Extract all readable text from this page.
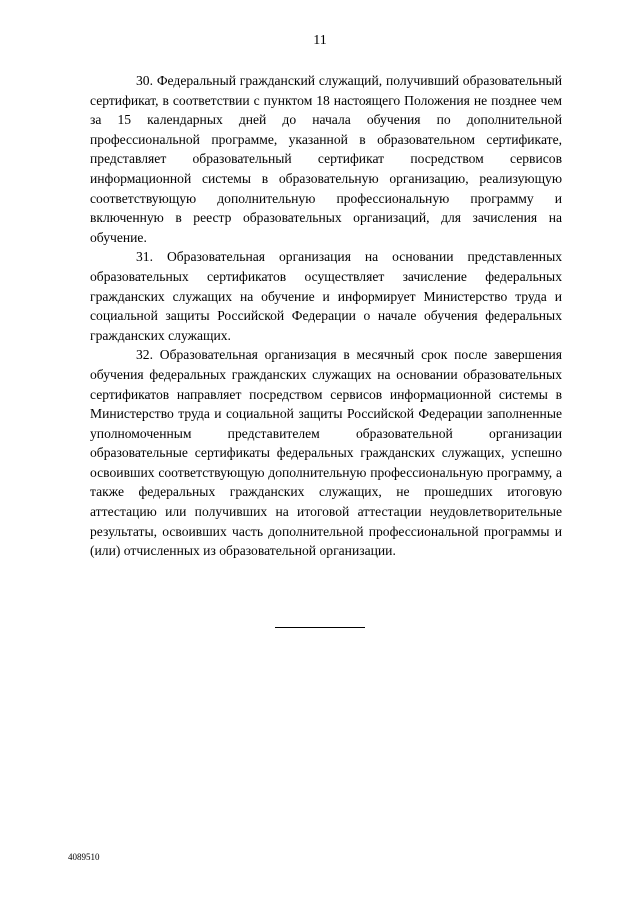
11

30. Федеральный гражданский служащий, получивший образовательный сертификат, в соответствии с пунктом 18 настоящего Положения не позднее чем за 15 календарных дней до начала обучения по дополнительной профессиональной программе, указанной в образовательном сертификате, представляет образовательный сертификат посредством сервисов информационной системы в образовательную организацию, реализующую соответствующую дополнительную профессиональную программу и включенную в реестр образовательных организаций, для зачисления на обучение.

31. Образовательная организация на основании представленных образовательных сертификатов осуществляет зачисление федеральных гражданских служащих на обучение и информирует Министерство труда и социальной защиты Российской Федерации о начале обучения федеральных гражданских служащих.

32. Образовательная организация в месячный срок после завершения обучения федеральных гражданских служащих на основании образовательных сертификатов направляет посредством сервисов информационной системы в Министерство труда и социальной защиты Российской Федерации заполненные уполномоченным представителем образовательной организации образовательные сертификаты федеральных гражданских служащих, успешно освоивших соответствующую дополнительную профессиональную программу, а также федеральных гражданских служащих, не прошедших итоговую аттестацию или получивших на итоговой аттестации неудовлетворительные результаты, освоивших часть дополнительной профессиональной программы и (или) отчисленных из образовательной организации.

4089510
